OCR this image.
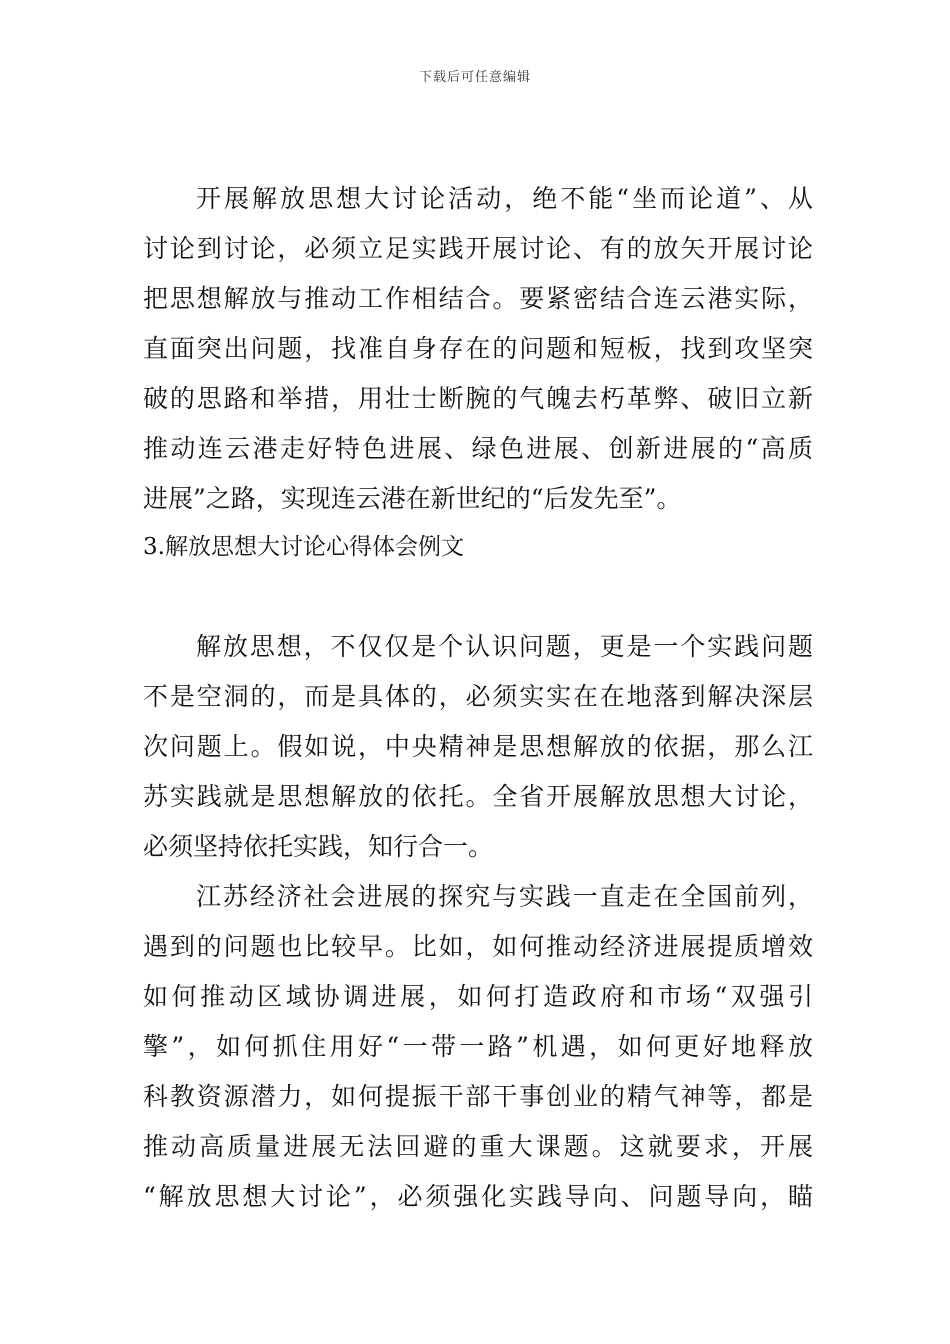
下载后可任意编辑
开展解放思想大讨论活动，绝不能“坐而论道”、从
讨论到讨论，必须立足实践开展讨论、有的放矢开展讨论
把思想解放与推动工作相结合。要紧密结合连云港实际，
直面突出问题，找准自身存在的问题和短板，找到攻坚突
破的思路和举措，用壮士断腕的气魄去朽革弊、破旧立新
推动连云港走好特色进展、绿色进展、创新进展的“高质
进展”之路，实现连云港在新世纪的“后发先至”。
3.解放思想大讨论心得体会例文
解放思想，不仅仅是个认识问题，更是一个实践问题
不是空洞的，而是具体的，必须实实在在地落到解决深层
次问题上。假如说，中央精神是思想解放的依据，那么江
苏实践就是思想解放的依托。全省开展解放思想大讨论，
必须坚持依托实践，知行合一。
江苏经济社会进展的探究与实践一直走在全国前列，
遇到的问题也比较早。比如，如何推动经济进展提质增效
如何推动区域协调进展，如何打造政府和市场“双强引
擎”，如何抓住用好“一带一路”机遇，如何更好地释放
科教资源潜力，如何提振干部干事创业的精气神等，都是
推动高质量进展无法回避的重大课题。这就要求，开展
“解放思想大讨论”，必须强化实践导向、问题导向，瞄
